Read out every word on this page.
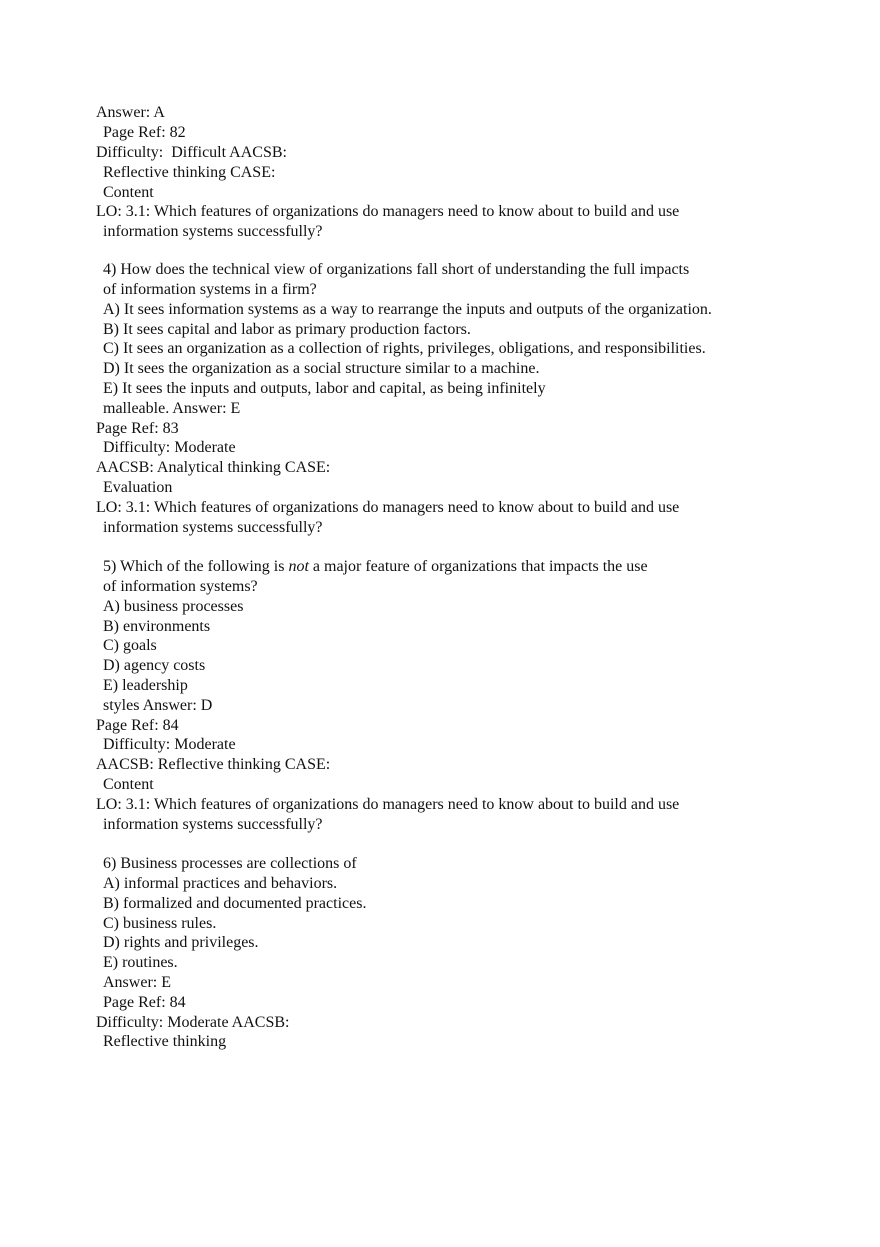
Answer: A

Page Ref: 82

Difficulty:  Difficult AACSB:

Reflective thinking CASE:

Content

LO: 3.1: Which features of organizations do managers need to know about to build and use

information systems successfully?

4) How does the technical view of organizations fall short of understanding the full impacts

of information systems in a firm?

A) It sees information systems as a way to rearrange the inputs and outputs of the organization.

B) It sees capital and labor as primary production factors.

C) It sees an organization as a collection of rights, privileges, obligations, and responsibilities.

D) It sees the organization as a social structure similar to a machine.

E) It sees the inputs and outputs, labor and capital, as being infinitely

malleable. Answer: E

Page Ref: 83

Difficulty: Moderate

AACSB: Analytical thinking CASE:

Evaluation

LO: 3.1: Which features of organizations do managers need to know about to build and use

information systems successfully?

5) Which of the following is not a major feature of organizations that impacts the use

of information systems?

A) business processes

B) environments

C) goals

D) agency costs

E) leadership

styles Answer: D

Page Ref: 84

Difficulty: Moderate

AACSB: Reflective thinking CASE:

Content

LO: 3.1: Which features of organizations do managers need to know about to build and use

information systems successfully?

6) Business processes are collections of

A) informal practices and behaviors.

B) formalized and documented practices.

C) business rules.

D) rights and privileges.

E) routines.

Answer: E

Page Ref: 84

Difficulty: Moderate AACSB:

Reflective thinking
